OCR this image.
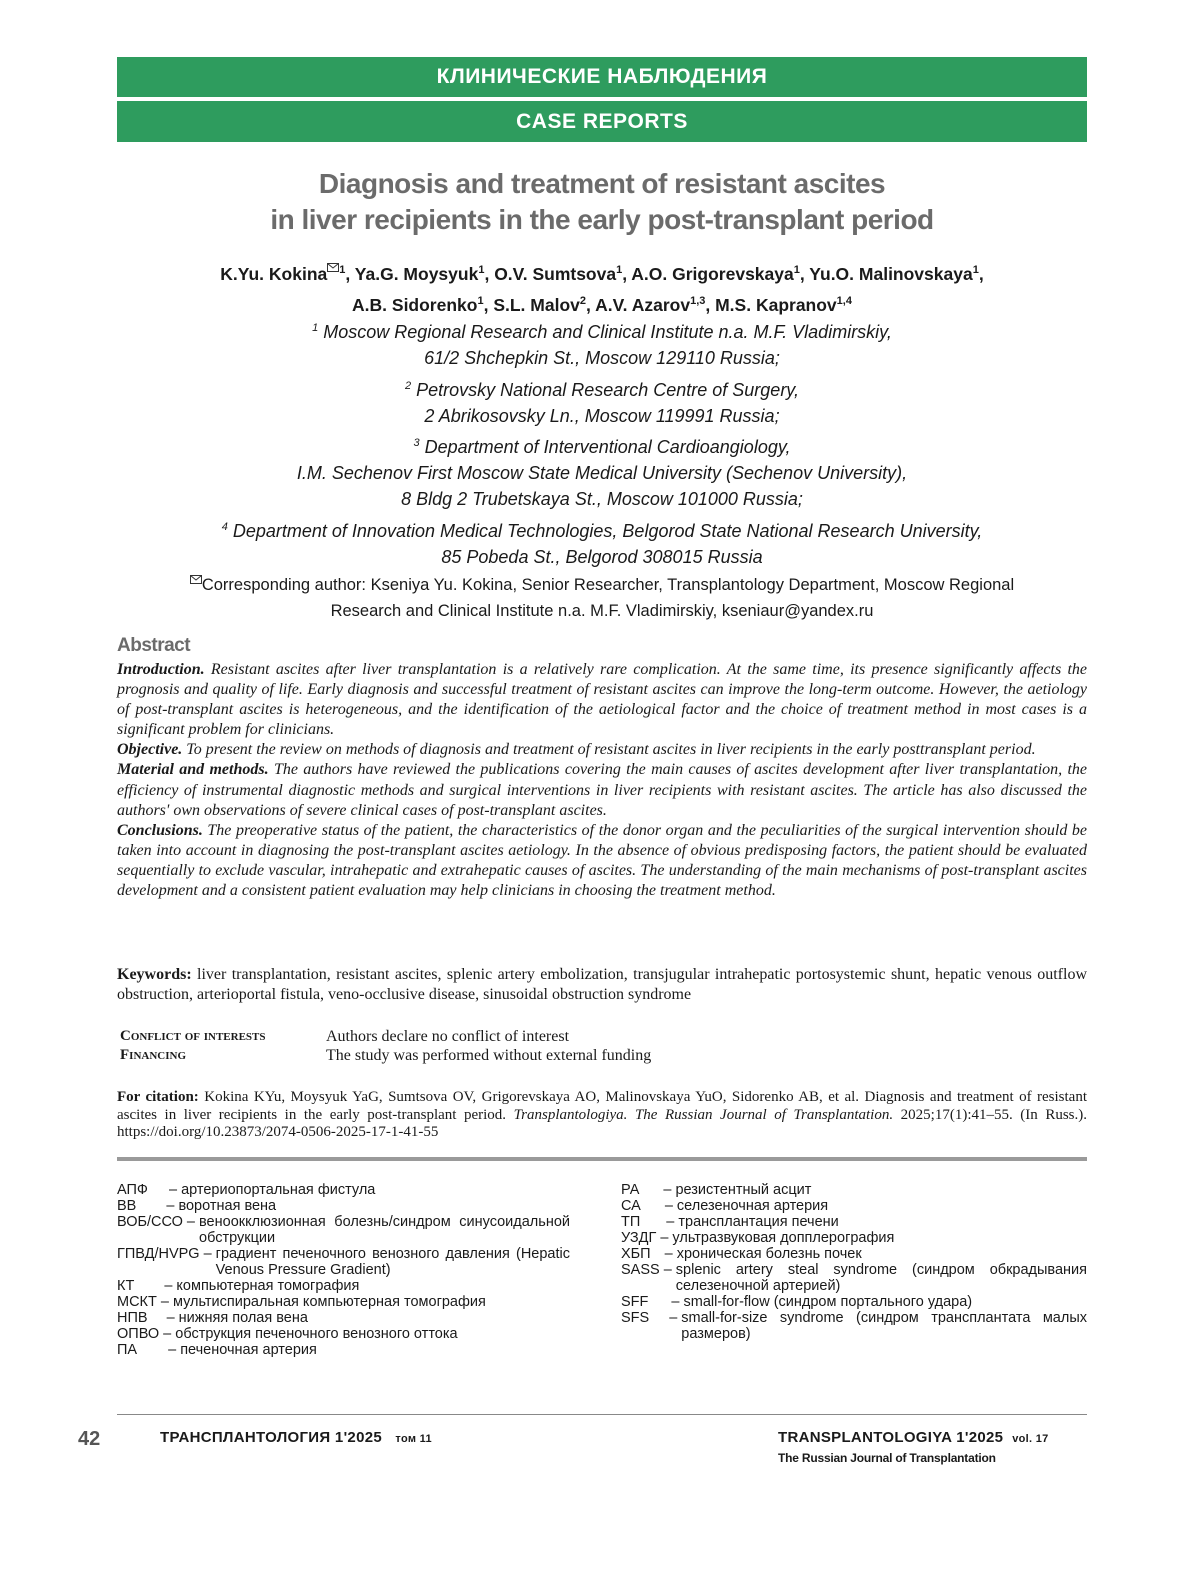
КЛИНИЧЕСКИЕ НАБЛЮДЕНИЯ
CASE REPORTS
Diagnosis and treatment of resistant ascites
in liver recipients in the early post-transplant period
K.Yu. Kokina $^1$, Ya.G. Moysyuk$^1$, O.V. Sumtsova$^1$, A.O. Grigorevskaya$^1$, Yu.O. Malinovskaya$^1$,
A.B. Sidorenko$^1$, S.L. Malov$^2$, A.V. Azarov$^{1,3}$, M.S. Kapranov$^{1,4}$
$^1$ Moscow Regional Research and Clinical Institute n.a. M.F. Vladimirskiy,
61/2 Shchepkin St., Moscow 129110 Russia;
$^2$ Petrovsky National Research Centre of Surgery,
2 Abrikosovsky Ln., Moscow 119991 Russia;
$^3$ Department of Interventional Cardioangiology,
I.M. Sechenov First Moscow State Medical University (Sechenov University),
8 Bldg 2 Trubetskaya St., Moscow 101000 Russia;
$^4$ Department of Innovation Medical Technologies, Belgorod State National Research University,
85 Pobeda St., Belgorod 308015 Russia
Corresponding author: Kseniya Yu. Kokina, Senior Researcher, Transplantology Department, Moscow Regional
Research and Clinical Institute n.a. M.F. Vladimirskiy, kseniaur@yandex.ru
Abstract

Introduction. Resistant ascites after liver transplantation is a relatively rare complication. At the same time, its presence significantly affects the prognosis and quality of life. Early diagnosis and successful treatment of resistant ascites can improve the long-term outcome. However, the aetiology of post-transplant ascites is heterogeneous, and the identification of the aetiological factor and the choice of treatment method in most cases is a significant problem for clinicians.

Objective. To present the review on methods of diagnosis and treatment of resistant ascites in liver recipients in the early posttransplant period.

Material and methods. The authors have reviewed the publications covering the main causes of ascites development after liver transplantation, the efficiency of instrumental diagnostic methods and surgical interventions in liver recipients with resistant ascites. The article has also discussed the authors' own observations of severe clinical cases of post-transplant ascites.

Conclusions. The preoperative status of the patient, the characteristics of the donor organ and the peculiarities of the surgical intervention should be taken into account in diagnosing the post-transplant ascites aetiology. In the absence of obvious predisposing factors, the patient should be evaluated sequentially to exclude vascular, intrahepatic and extrahepatic causes of ascites. The understanding of the main mechanisms of post-transplant ascites development and a consistent patient evaluation may help clinicians in choosing the treatment method.

Keywords: liver transplantation, resistant ascites, splenic artery embolization, transjugular intrahepatic portosystemic shunt, hepatic venous outflow obstruction, arterioportal fistula, veno-occlusive disease, sinusoidal obstruction syndrome
Conflict of interests	Authors declare no conflict of interest
Financing	The study was performed without external funding
For citation: Kokina KYu, Moysyuk YaG, Sumtsova OV, Grigorevskaya AO, Malinovskaya YuO, Sidorenko AB, et al. Diagnosis and treatment of resistant ascites in liver recipients in the early post-transplant period. Transplantologiya. The Russian Journal of Transplantation. 2025;17(1):41–55. (In Russ.). https://doi.org/10.23873/2074-0506-2025-17-1-41-55
АПФ – артериопортальная фистула
ВВ – воротная вена
ВОБ/ССО – веноокклюзионная болезнь/синдром синусоидальной обструкции
ГПВД/HVPG – градиент печеночного венозного давления (Hepatic Venous Pressure Gradient)
КТ – компьютерная томография
МСКТ – мультиспиральная компьютерная томография
НПВ – нижняя полая вена
ОПВО – обструкция печеночного венозного оттока
ПА – печеночная артерия
РА – резистентный асцит
СА – селезеночная артерия
ТП – трансплантация печени
УЗДГ – ультразвуковая допплерография
ХБП – хроническая болезнь почек
SASS – splenic artery steal syndrome (синдром обкрадывания селезеночной артерией)
SFF – small-for-flow (синдром портального удара)
SFS – small-for-size syndrome (синдром трансплантата малых размеров)
42	ТРАНСПЛАНТОЛОГИЯ 1'2025 том 11	TRANSPLANTOLOGIYA 1'2025 vol. 17
The Russian Journal of Transplantation
